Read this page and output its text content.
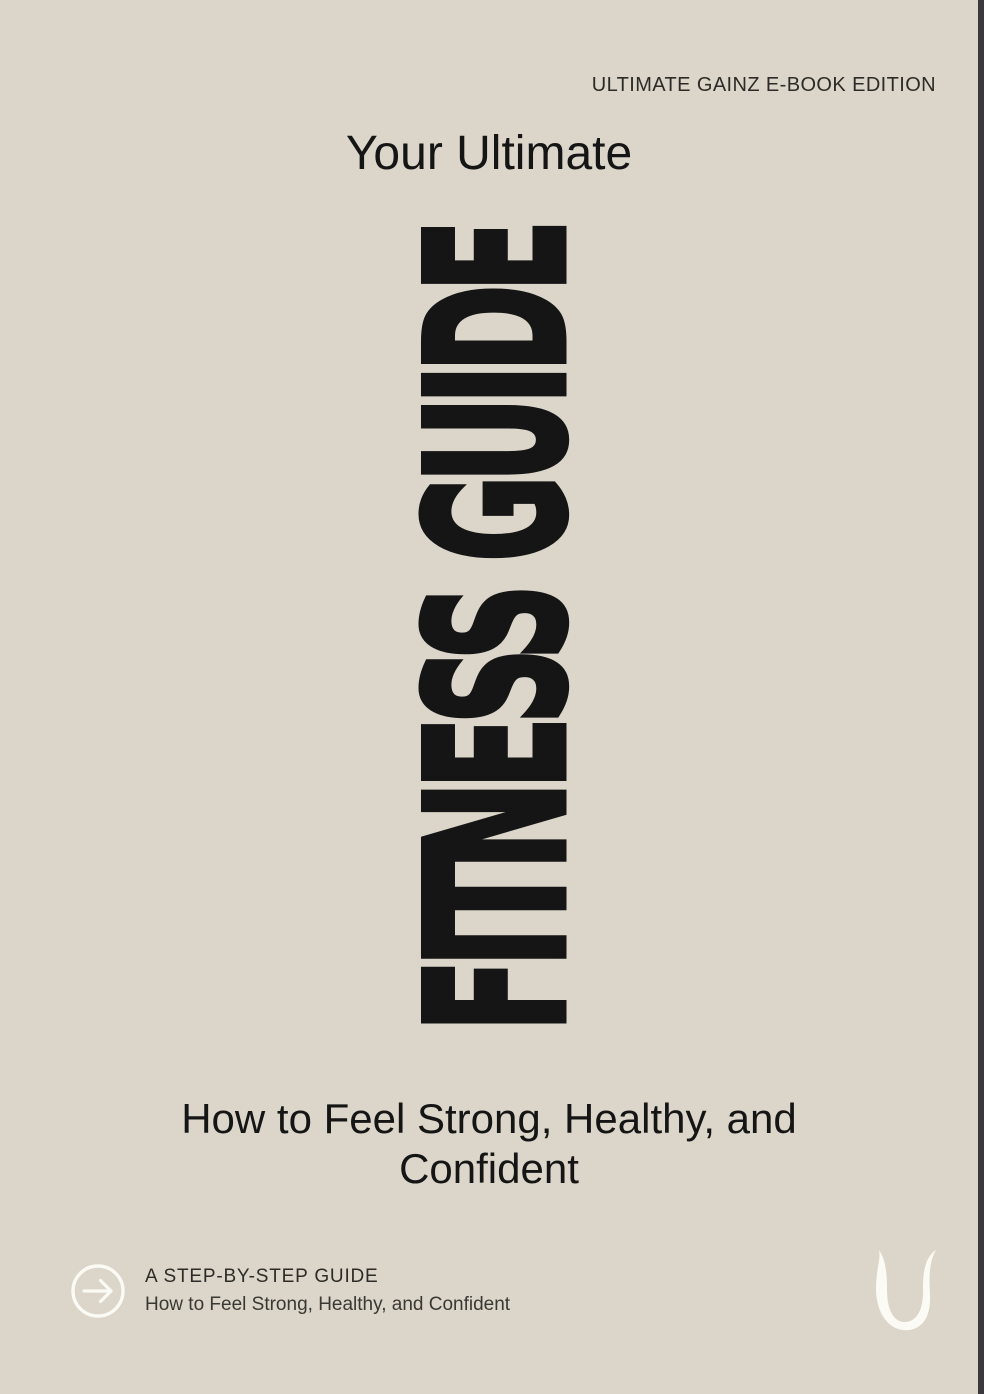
ULTIMATE GAINZ E-BOOK EDITION
Your Ultimate
FITNESS GUIDE
How to Feel Strong, Healthy, and
Confident
A STEP-BY-STEP GUIDE
How to Feel Strong, Healthy, and Confident
